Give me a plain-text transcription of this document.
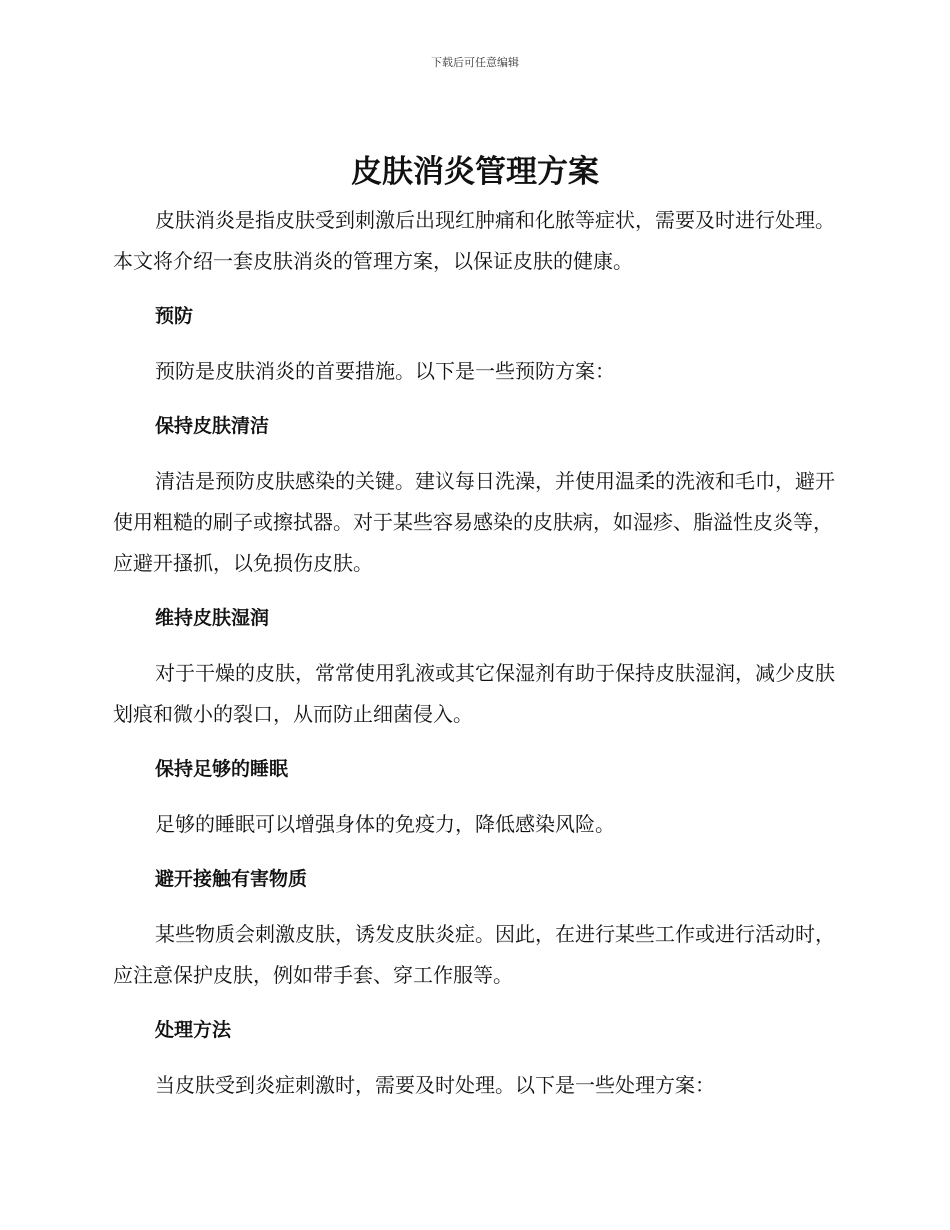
下载后可任意编辑
皮肤消炎管理方案

皮肤消炎是指皮肤受到刺激后出现红肿痛和化脓等症状，需要及时进行处理。本文将介绍一套皮肤消炎的管理方案，以保证皮肤的健康。

预防

预防是皮肤消炎的首要措施。以下是一些预防方案：

保持皮肤清洁

清洁是预防皮肤感染的关键。建议每日洗澡，并使用温柔的洗液和毛巾，避开使用粗糙的刷子或擦拭器。对于某些容易感染的皮肤病，如湿疹、脂溢性皮炎等，应避开搔抓，以免损伤皮肤。

维持皮肤湿润

对于干燥的皮肤，常常使用乳液或其它保湿剂有助于保持皮肤湿润，减少皮肤划痕和微小的裂口，从而防止细菌侵入。

保持足够的睡眠

足够的睡眠可以增强身体的免疫力，降低感染风险。

避开接触有害物质

某些物质会刺激皮肤，诱发皮肤炎症。因此，在进行某些工作或进行活动时，应注意保护皮肤，例如带手套、穿工作服等。

处理方法

当皮肤受到炎症刺激时，需要及时处理。以下是一些处理方案：
